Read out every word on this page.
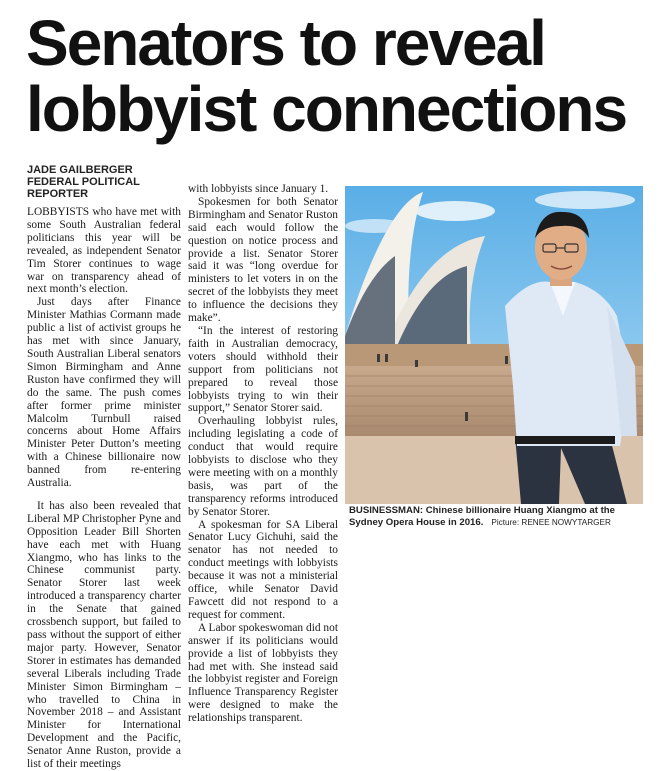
Senators to reveal
lobbyist connections
JADE GAILBERGER
FEDERAL POLITICAL
REPORTER

LOBBYISTS who have met with some South Australian federal politicians this year will be revealed, as independent Senator Tim Storer continues to wage war on transparency ahead of next month’s election.

Just days after Finance Minister Mathias Cormann made public a list of activist groups he has met with since January, South Australian Liberal senators Simon Birmingham and Anne Ruston have confirmed they will do the same. The push comes after former prime minister Malcolm Turnbull raised concerns about Home Affairs Minister Peter Dutton’s meeting with a Chinese billionaire now banned from re-entering Australia.

It has also been revealed that Liberal MP Christopher Pyne and Opposition Leader Bill Shorten have each met with Huang Xiangmo, who has links to the Chinese communist party. Senator Storer last week introduced a transparency charter in the Senate that gained crossbench support, but failed to pass without the support of either major party. However, Senator Storer in estimates has demanded several Liberals including Trade Minister Simon Birmingham – who travelled to China in November 2018 – and Assistant Minister for International Development and the Pacific, Senator Anne Ruston, provide a list of their meetings

with lobbyists since January 1.

Spokesmen for both Senator Birmingham and Senator Ruston said each would follow the question on notice process and provide a list. Senator Storer said it was “long overdue for ministers to let voters in on the secret of the lobbyists they meet to influence the decisions they make”.

“In the interest of restoring faith in Australian democracy, voters should withhold their support from politicians not prepared to reveal those lobbyists trying to win their support,” Senator Storer said.

Overhauling lobbyist rules, including legislating a code of conduct that would require lobbyists to disclose who they were meeting with on a monthly basis, was part of the transparency reforms introduced by Senator Storer.

A spokesman for SA Liberal Senator Lucy Gichuhi, said the senator has not needed to conduct meetings with lobbyists because it was not a ministerial office, while Senator David Fawcett did not respond to a request for comment.

A Labor spokeswoman did not answer if its politicians would provide a list of lobbyists they had met with. She instead said the lobbyist register and Foreign Influence Transparency Register were designed to make the relationships transparent.

BUSINESSMAN: Chinese billionaire Huang Xiangmo at the Sydney Opera House in 2016. Picture: RENEE NOWYTARGER
